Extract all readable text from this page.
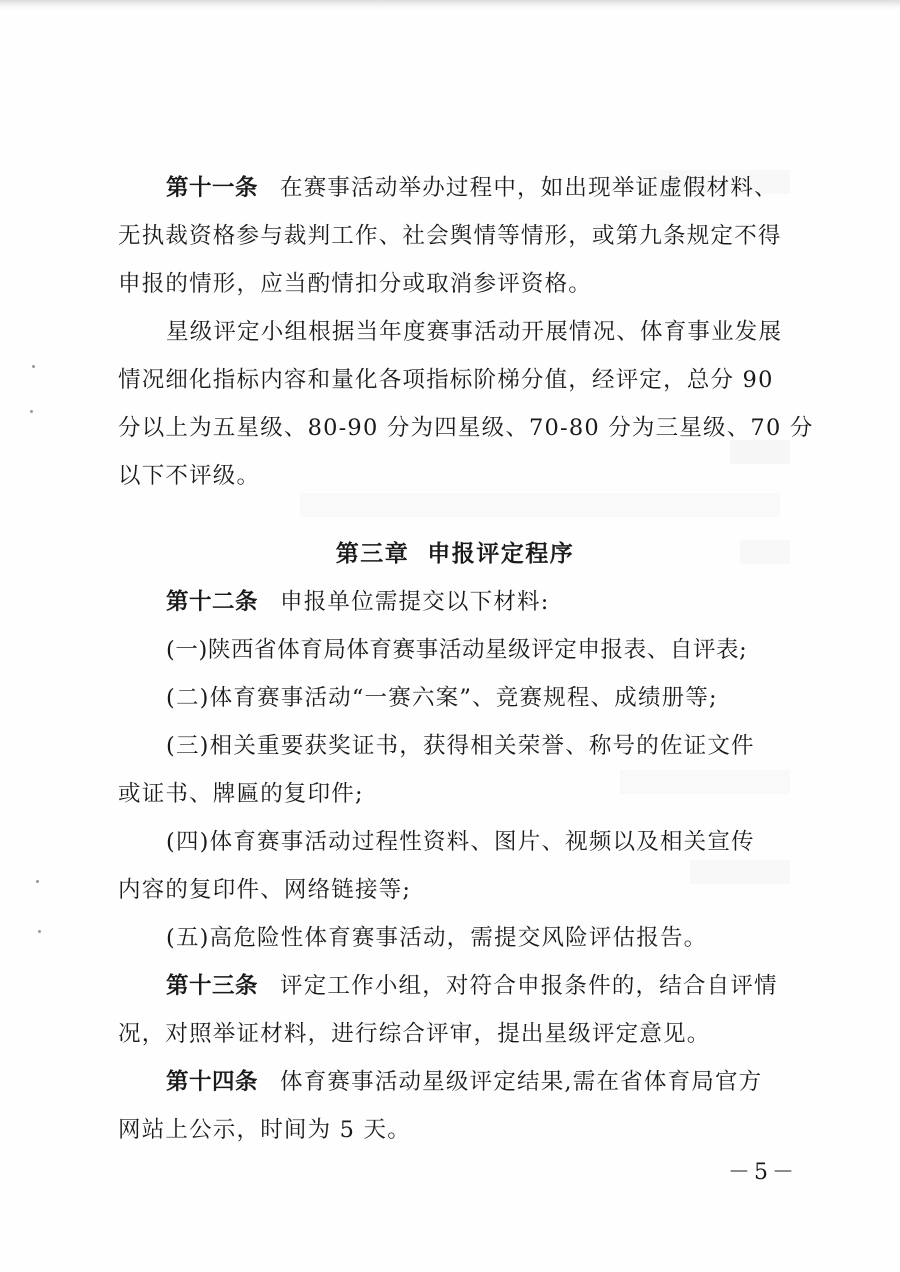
第十一条 在赛事活动举办过程中，如出现举证虚假材料、
无执裁资格参与裁判工作、社会舆情等情形，或第九条规定不得
申报的情形，应当酌情扣分或取消参评资格。
星级评定小组根据当年度赛事活动开展情况、体育事业发展
情况细化指标内容和量化各项指标阶梯分值，经评定，总分 90
分以上为五星级、80-90 分为四星级、70-80 分为三星级、70 分
以下不评级。
第三章 申报评定程序
第十二条 申报单位需提交以下材料:
(一)陕西省体育局体育赛事活动星级评定申报表、自评表;
(二)体育赛事活动“一赛六案”、竞赛规程、成绩册等;
(三)相关重要获奖证书，获得相关荣誉、称号的佐证文件
或证书、牌匾的复印件;
(四)体育赛事活动过程性资料、图片、视频以及相关宣传
内容的复印件、网络链接等;
(五)高危险性体育赛事活动，需提交风险评估报告。
第十三条 评定工作小组，对符合申报条件的，结合自评情
况，对照举证材料，进行综合评审，提出星级评定意见。
第十四条 体育赛事活动星级评定结果,需在省体育局官方
网站上公示，时间为 5 天。
－5－
